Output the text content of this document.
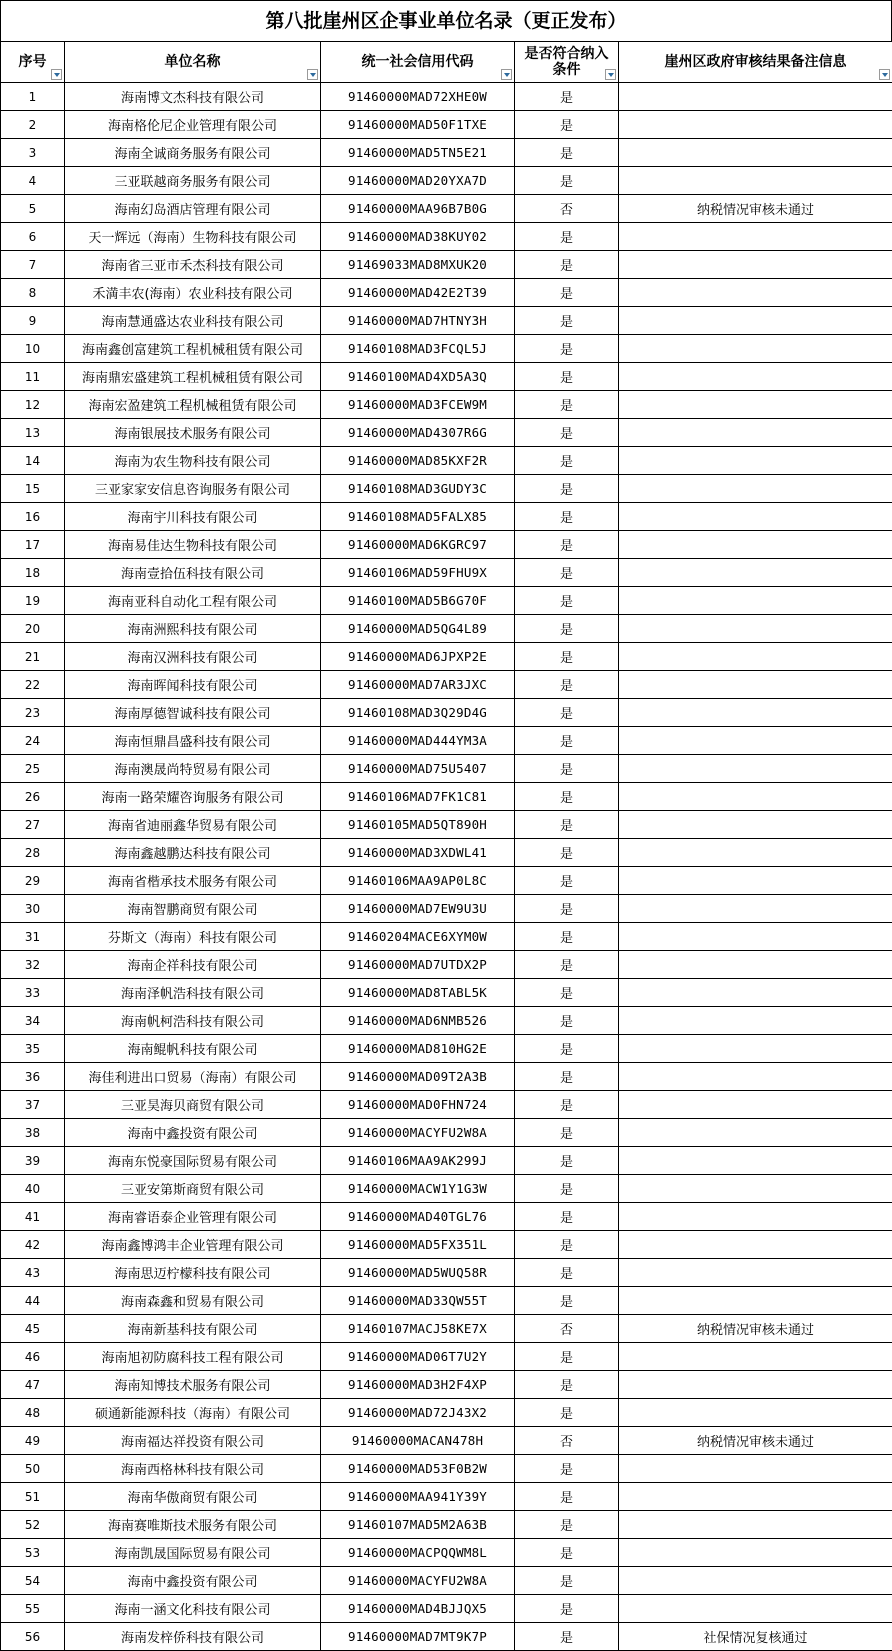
第八批崖州区企事业单位名录（更正发布）
序号	单位名称	统一社会信用代码	是否符合纳入条件	崖州区政府审核结果备注信息

1	海南博文杰科技有限公司	91460000MAD72XHE0W	是	
2	海南格伦尼企业管理有限公司	91460000MAD50F1TXE	是	
3	海南全诚商务服务有限公司	91460000MAD5TN5E21	是	
4	三亚联越商务服务有限公司	91460000MAD20YXA7D	是	
5	海南幻岛酒店管理有限公司	91460000MAA96B7B0G	否	纳税情况审核未通过
6	天一辉远（海南）生物科技有限公司	91460000MAD38KUY02	是	
7	海南省三亚市禾杰科技有限公司	91469033MAD8MXUK20	是	
8	禾満丰农(海南）农业科技有限公司	91460000MAD42E2T39	是	
9	海南慧通盛达农业科技有限公司	91460000MAD7HTNY3H	是	
10	海南鑫创富建筑工程机械租赁有限公司	91460108MAD3FCQL5J	是	
11	海南鼎宏盛建筑工程机械租赁有限公司	91460100MAD4XD5A3Q	是	
12	海南宏盈建筑工程机械租赁有限公司	91460000MAD3FCEW9M	是	
13	海南银展技术服务有限公司	91460000MAD4307R6G	是	
14	海南为农生物科技有限公司	91460000MAD85KXF2R	是	
15	三亚家家安信息咨询服务有限公司	91460108MAD3GUDY3C	是	
16	海南宇川科技有限公司	91460108MAD5FALX85	是	
17	海南易佳达生物科技有限公司	91460000MAD6KGRC97	是	
18	海南壹拾伍科技有限公司	91460106MAD59FHU9X	是	
19	海南亚科自动化工程有限公司	91460100MAD5B6G70F	是	
20	海南洲熙科技有限公司	91460000MAD5QG4L89	是	
21	海南汉洲科技有限公司	91460000MAD6JPXP2E	是	
22	海南晖闻科技有限公司	91460000MAD7AR3JXC	是	
23	海南厚德智诚科技有限公司	91460108MAD3Q29D4G	是	
24	海南恒鼎昌盛科技有限公司	91460000MAD444YM3A	是	
25	海南澳晟尚特贸易有限公司	91460000MAD75U5407	是	
26	海南一路荣耀咨询服务有限公司	91460106MAD7FK1C81	是	
27	海南省迪丽鑫华贸易有限公司	91460105MAD5QT890H	是	
28	海南鑫越鹏达科技有限公司	91460000MAD3XDWL41	是	
29	海南省楷承技术服务有限公司	91460106MAA9AP0L8C	是	
30	海南智鹏商贸有限公司	91460000MAD7EW9U3U	是	
31	芬斯文（海南）科技有限公司	91460204MACE6XYM0W	是	
32	海南企祥科技有限公司	91460000MAD7UTDX2P	是	
33	海南泽帆浩科技有限公司	91460000MAD8TABL5K	是	
34	海南帆柯浩科技有限公司	91460000MAD6NMB526	是	
35	海南鲲帆科技有限公司	91460000MAD810HG2E	是	
36	海佳利进出口贸易（海南）有限公司	91460000MAD09T2A3B	是	
37	三亚昊海贝商贸有限公司	91460000MAD0FHN724	是	
38	海南中鑫投资有限公司	91460000MACYFU2W8A	是	
39	海南东悦豪国际贸易有限公司	91460106MAA9AK299J	是	
40	三亚安第斯商贸有限公司	91460000MACW1Y1G3W	是	
41	海南睿语泰企业管理有限公司	91460000MAD40TGL76	是	
42	海南鑫博鸿丰企业管理有限公司	91460000MAD5FX351L	是	
43	海南思迈柠檬科技有限公司	91460000MAD5WUQ58R	是	
44	海南森鑫和贸易有限公司	91460000MAD33QW55T	是	
45	海南新基科技有限公司	91460107MACJ58KE7X	否	纳税情况审核未通过
46	海南旭初防腐科技工程有限公司	91460000MAD06T7U2Y	是	
47	海南知博技术服务有限公司	91460000MAD3H2F4XP	是	
48	硕通新能源科技（海南）有限公司	91460000MAD72J43X2	是	
49	海南福达祥投资有限公司	91460000MACAN478H	否	纳税情况审核未通过
50	海南西格林科技有限公司	91460000MAD53F0B2W	是	
51	海南华傲商贸有限公司	91460000MAA941Y39Y	是	
52	海南赛唯斯技术服务有限公司	91460107MAD5M2A63B	是	
53	海南凯晟国际贸易有限公司	91460000MACPQQWM8L	是	
54	海南中鑫投资有限公司	91460000MACYFU2W8A	是	
55	海南一涵文化科技有限公司	91460000MAD4BJJQX5	是	
56	海南发梓侨科技有限公司	91460000MAD7MT9K7P	是	社保情况复核通过
